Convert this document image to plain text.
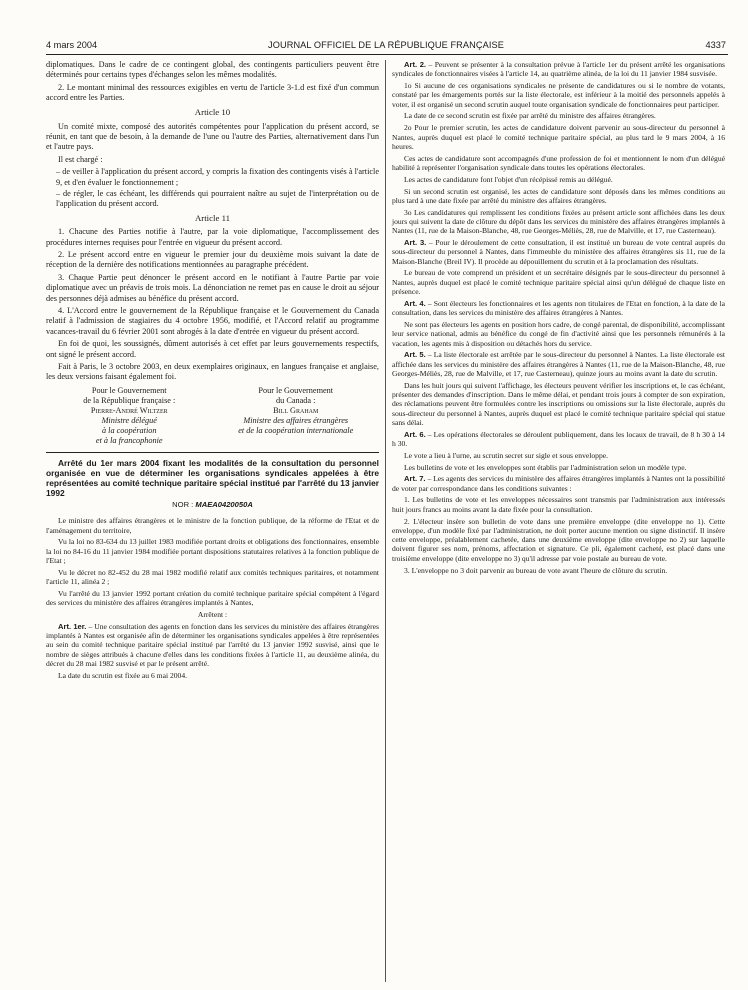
4 mars 2004	JOURNAL OFFICIEL DE LA RÉPUBLIQUE FRANÇAISE	4337

diplomatiques. Dans le cadre de ce contingent global, des contingents particuliers peuvent être déterminés pour certains types d'échanges selon les mêmes modalités.

2. Le montant minimal des ressources exigibles en vertu de l'article 3-1.d est fixé d'un commun accord entre les Parties.

Article 10

Un comité mixte, composé des autorités compétentes pour l'application du présent accord, se réunit, en tant que de besoin, à la demande de l'une ou l'autre des Parties, alternativement dans l'un et l'autre pays.

Il est chargé :

– de veiller à l'application du présent accord, y compris la fixation des contingents visés à l'article 9, et d'en évaluer le fonctionnement ;

– de régler, le cas échéant, les différends qui pourraient naître au sujet de l'interprétation ou de l'application du présent accord.

Article 11

1. Chacune des Parties notifie à l'autre, par la voie diplomatique, l'accomplissement des procédures internes requises pour l'entrée en vigueur du présent accord.

2. Le présent accord entre en vigueur le premier jour du deuxième mois suivant la date de réception de la dernière des notifications mentionnées au paragraphe précédent.

3. Chaque Partie peut dénoncer le présent accord en le notifiant à l'autre Partie par voie diplomatique avec un préavis de trois mois. La dénonciation ne remet pas en cause le droit au séjour des personnes déjà admises au bénéfice du présent accord.

4. L'Accord entre le gouvernement de la République française et le Gouvernement du Canada relatif à l'admission de stagiaires du 4 octobre 1956, modifié, et l'Accord relatif au programme vacances-travail du 6 février 2001 sont abrogés à la date d'entrée en vigueur du présent accord.

En foi de quoi, les soussignés, dûment autorisés à cet effet par leurs gouvernements respectifs, ont signé le présent accord.

Fait à Paris, le 3 octobre 2003, en deux exemplaires originaux, en langues française et anglaise, les deux versions faisant également foi.

Pour le Gouvernement
de la République française :
Pierre-André Wiltzer
Ministre délégué
à la coopération
et à la francophonie
Pour le Gouvernement
du Canada :
Bill Graham
Ministre des affaires étrangères
et de la coopération internationale

Arrêté du 1er mars 2004 fixant les modalités de la consultation du personnel organisée en vue de déterminer les organisations syndicales appelées à être représentées au comité technique paritaire spécial institué par l'arrêté du 13 janvier 1992

NOR : MAEA0420050A

Le ministre des affaires étrangères et le ministre de la fonction publique, de la réforme de l'Etat et de l'aménagement du territoire,

Vu la loi no 83-634 du 13 juillet 1983 modifiée portant droits et obligations des fonctionnaires, ensemble la loi no 84-16 du 11 janvier 1984 modifiée portant dispositions statutaires relatives à la fonction publique de l'Etat ;

Vu le décret no 82-452 du 28 mai 1982 modifié relatif aux comités techniques paritaires, et notamment l'article 11, alinéa 2 ;

Vu l'arrêté du 13 janvier 1992 portant création du comité technique paritaire spécial compétent à l'égard des services du ministère des affaires étrangères implantés à Nantes,

Arrêtent :

Art. 1er. – Une consultation des agents en fonction dans les services du ministère des affaires étrangères implantés à Nantes est organisée afin de déterminer les organisations syndicales appelées à être représentées au sein du comité technique paritaire spécial institué par l'arrêté du 13 janvier 1992 susvisé, ainsi que le nombre de sièges attribués à chacune d'elles dans les conditions fixées à l'article 11, au deuxième alinéa, du décret du 28 mai 1982 susvisé et par le présent arrêté.

La date du scrutin est fixée au 6 mai 2004.

Art. 2. – Peuvent se présenter à la consultation prévue à l'article 1er du présent arrêté les organisations syndicales de fonctionnaires visées à l'article 14, au quatrième alinéa, de la loi du 11 janvier 1984 susvisée.

1o Si aucune de ces organisations syndicales ne présente de candidatures ou si le nombre de votants, constaté par les émargements portés sur la liste électorale, est inférieur à la moitié des personnels appelés à voter, il est organisé un second scrutin auquel toute organisation syndicale de fonctionnaires peut participer.

La date de ce second scrutin est fixée par arrêté du ministre des affaires étrangères.

2o Pour le premier scrutin, les actes de candidature doivent parvenir au sous-directeur du personnel à Nantes, auprès duquel est placé le comité technique paritaire spécial, au plus tard le 9 mars 2004, à 16 heures.

Ces actes de candidature sont accompagnés d'une profession de foi et mentionnent le nom d'un délégué habilité à représenter l'organisation syndicale dans toutes les opérations électorales.

Les actes de candidature font l'objet d'un récépissé remis au délégué.

Si un second scrutin est organisé, les actes de candidature sont déposés dans les mêmes conditions au plus tard à une date fixée par arrêté du ministre des affaires étrangères.

3o Les candidatures qui remplissent les conditions fixées au présent article sont affichées dans les deux jours qui suivent la date de clôture du dépôt dans les services du ministère des affaires étrangères implantés à Nantes (11, rue de la Maison-Blanche, 48, rue Georges-Méliès, 28, rue de Malville, et 17, rue Casterneau).

Art. 3. – Pour le déroulement de cette consultation, il est institué un bureau de vote central auprès du sous-directeur du personnel à Nantes, dans l'immeuble du ministère des affaires étrangères sis 11, rue de la Maison-Blanche (Breil IV). Il procède au dépouillement du scrutin et à la proclamation des résultats.

Le bureau de vote comprend un président et un secrétaire désignés par le sous-directeur du personnel à Nantes, auprès duquel est placé le comité technique paritaire spécial ainsi qu'un délégué de chaque liste en présence.

Art. 4. – Sont électeurs les fonctionnaires et les agents non titulaires de l'Etat en fonction, à la date de la consultation, dans les services du ministère des affaires étrangères à Nantes.

Ne sont pas électeurs les agents en position hors cadre, de congé parental, de disponibilité, accomplissant leur service national, admis au bénéfice du congé de fin d'activité ainsi que les personnels rémunérés à la vacation, les agents mis à disposition ou détachés hors du service.

Art. 5. – La liste électorale est arrêtée par le sous-directeur du personnel à Nantes. La liste électorale est affichée dans les services du ministère des affaires étrangères à Nantes (11, rue de la Maison-Blanche, 48, rue Georges-Méliès, 28, rue de Malville, et 17, rue Casterneau), quinze jours au moins avant la date du scrutin.

Dans les huit jours qui suivent l'affichage, les électeurs peuvent vérifier les inscriptions et, le cas échéant, présenter des demandes d'inscription. Dans le même délai, et pendant trois jours à compter de son expiration, des réclamations peuvent être formulées contre les inscriptions ou omissions sur la liste électorale, auprès du sous-directeur du personnel à Nantes, auprès duquel est placé le comité technique paritaire spécial qui statue sans délai.

Art. 6. – Les opérations électorales se déroulent publiquement, dans les locaux de travail, de 8 h 30 à 14 h 30.

Le vote a lieu à l'urne, au scrutin secret sur sigle et sous enveloppe.

Les bulletins de vote et les enveloppes sont établis par l'administration selon un modèle type.

Art. 7. – Les agents des services du ministère des affaires étrangères implantés à Nantes ont la possibilité de voter par correspondance dans les conditions suivantes :

1. Les bulletins de vote et les enveloppes nécessaires sont transmis par l'administration aux intéressés huit jours francs au moins avant la date fixée pour la consultation.

2. L'électeur insère son bulletin de vote dans une première enveloppe (dite enveloppe no 1). Cette enveloppe, d'un modèle fixé par l'administration, ne doit porter aucune mention ou signe distinctif. Il insère cette enveloppe, préalablement cachetée, dans une deuxième enveloppe (dite enveloppe no 2) sur laquelle doivent figurer ses nom, prénoms, affectation et signature. Ce pli, également cacheté, est placé dans une troisième enveloppe (dite enveloppe no 3) qu'il adresse par voie postale au bureau de vote.

3. L'enveloppe no 3 doit parvenir au bureau de vote avant l'heure de clôture du scrutin.
